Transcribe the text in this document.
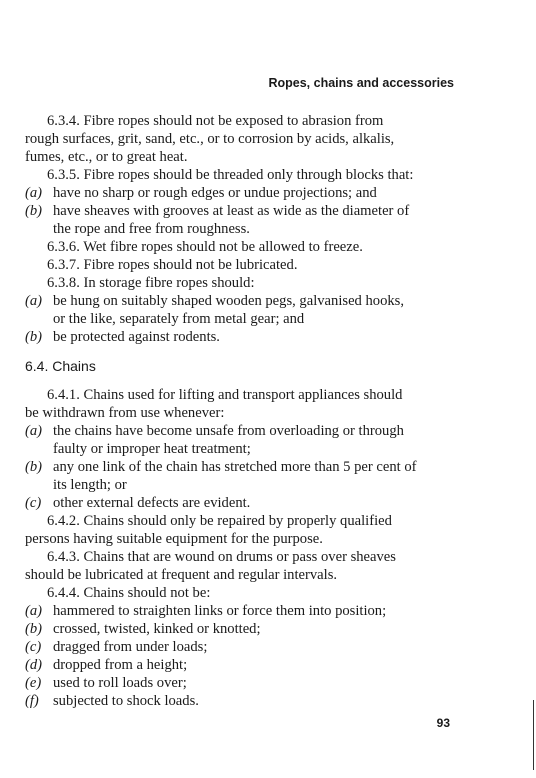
Ropes, chains and accessories
6.3.4. Fibre ropes should not be exposed to abrasion from
rough surfaces, grit, sand, etc., or to corrosion by acids, alkalis,
fumes, etc., or to great heat.
6.3.5. Fibre ropes should be threaded only through blocks that:
(a) have no sharp or rough edges or undue projections; and
(b) have sheaves with grooves at least as wide as the diameter of
the rope and free from roughness.
6.3.6. Wet fibre ropes should not be allowed to freeze.
6.3.7. Fibre ropes should not be lubricated.
6.3.8. In storage fibre ropes should:
(a) be hung on suitably shaped wooden pegs, galvanised hooks,
or the like, separately from metal gear; and
(b) be protected against rodents.
6.4. Chains
6.4.1. Chains used for lifting and transport appliances should
be withdrawn from use whenever:
(a) the chains have become unsafe from overloading or through
faulty or improper heat treatment;
(b) any one link of the chain has stretched more than 5 per cent of
its length; or
(c) other external defects are evident.
6.4.2. Chains should only be repaired by properly qualified
persons having suitable equipment for the purpose.
6.4.3. Chains that are wound on drums or pass over sheaves
should be lubricated at frequent and regular intervals.
6.4.4. Chains should not be:
(a) hammered to straighten links or force them into position;
(b) crossed, twisted, kinked or knotted;
(c) dragged from under loads;
(d) dropped from a height;
(e) used to roll loads over;
(f) subjected to shock loads.
93
